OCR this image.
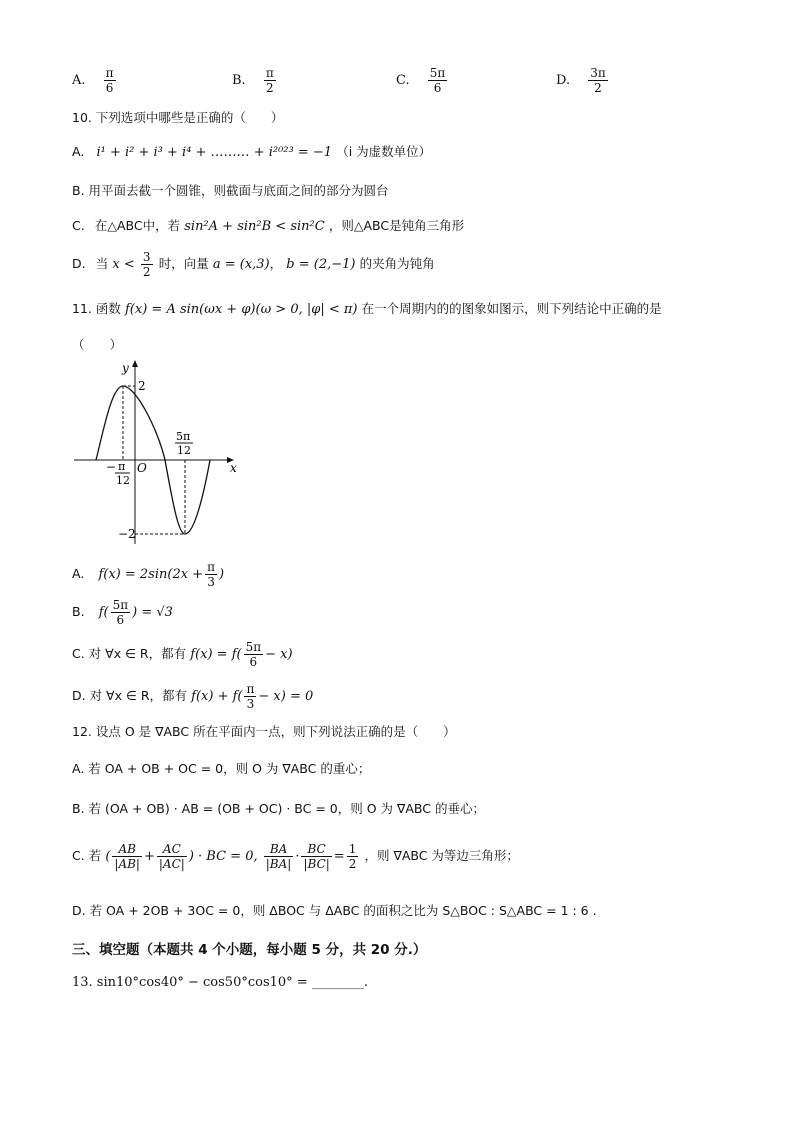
A. $\frac{\pi}{6}$	B. $\frac{\pi}{2}$	C. $\frac{5\pi}{6}$	D. $\frac{3\pi}{2}$
10. 下列选项中哪些是正确的（　　）
A. i¹ + i² + i³ + i⁴ + ……… + i²⁰²³ = −1 （i 为虚数单位）
B. 用平面去截一个圆锥，则截面与底面之间的部分为圆台
C. 在△ABC中，若 sin²A + sin²B < sin²C ，则△ABC是钝角三角形
D. 当 $x < \frac{3}{2}$ 时，向量 a = (x,3)， b = (2,−1) 的夹角为钝角
11. 函数 f(x) = A sin(ωx + φ)(ω > 0, |φ| < π) 在一个周期内的的图象如图示，则下列结论中正确的是
（　　）
y
x
O
2
−2
− π
12
5π
12
A. $f(x) = 2\sin(2x + \frac{\pi}{3}$ )
B. $f( \frac{5\pi}{6}$ ) = √3
C. 对 ∀x ∈ R，都有 $f(x) = f( \frac{5\pi}{6} - x)$
D. 对 ∀x ∈ R，都有 $f(x) + f( \frac{\pi}{3} - x) = 0$
12. 设点 O 是 ∇ABC 所在平面内一点，则下列说法正确的是（　　）
A. 若 OA + OB + OC = 0，则 O 为 ∇ABC 的重心；
B. 若 (OA + OB) · AB = (OB + OC) · BC = 0，则 O 为 ∇ABC 的垂心；
C. 若 ( $\frac{AB}{|AB|} + \frac{AC}{|AC|}$ ) · BC = 0, $\frac{BA}{|BA|} \cdot \frac{BC}{|BC|} = \frac{1}{2}$ ，则 ∇ABC 为等边三角形；
D. 若 OA + 2OB + 3OC = 0，则 ΔBOC 与 ΔABC 的面积之比为 S△BOC : S△ABC = 1 : 6 .
三、填空题（本题共 4 个小题，每小题 5 分，共 20 分.）
13. sin10°cos40° − cos50°cos10° = ________.
